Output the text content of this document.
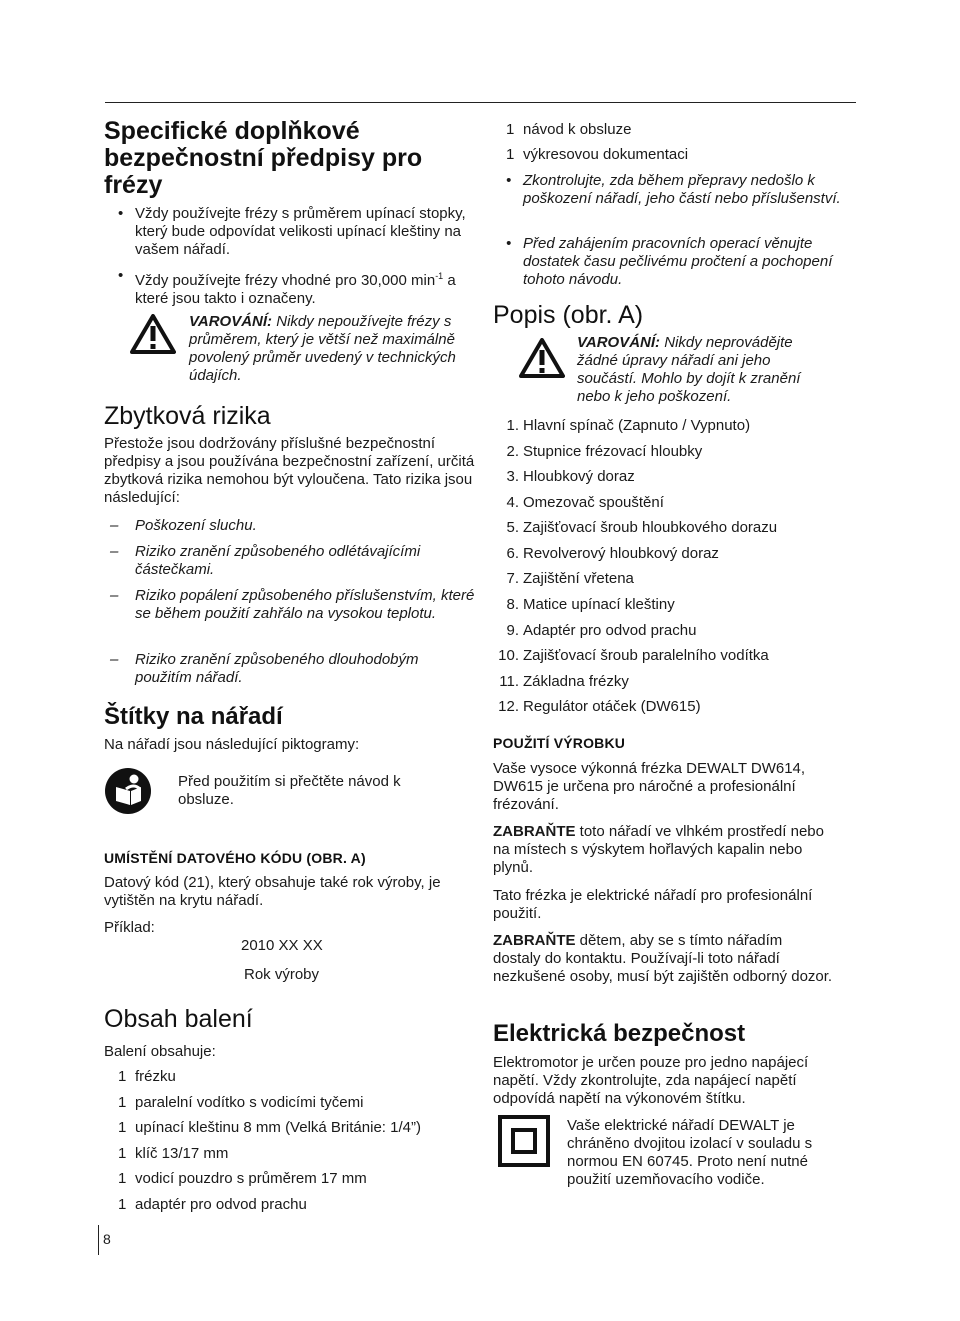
Specifické doplňkové bezpečnostní předpisy pro frézy
• Vždy používejte frézy s průměrem upínací stopky, který bude odpovídat velikosti upínací kleštiny na vašem nářadí.

• Vždy používejte frézy vhodné pro 30,000 $\min^{-1} a$ které jsou takto i označeny.

VAROVÁNÍ: Nikdy nepoužívejte frézy s průměrem, který je větší než maximálně povolený průměr uvedený v technických údajích.

Zbytková rizika

Přestože jsou dodržovány příslušné bezpečnostní předpisy a jsou používána bezpečnostní zařízení, určitá zbytková rizika nemohou být vyloučena. Tato rizika jsou následující:

– Poškození sluchu.

– Riziko zranění způsobeného odlétávajícími částečkami.

– Riziko popálení způsobeného příslušenstvím, které se během použití zahřálo na vysokou teplotu.

– Riziko zranění způsobeného dlouhodobým použitím nářadí.

Štítky na nářadí

Na nářadí jsou následující piktogramy:

Před použitím si přečtěte návod k obsluze.

UMÍSTĚNÍ DATOVÉHO KÓDU (OBR. A)

Datový kód (21), který obsahuje také rok výroby, je vytištěn na krytu nářadí.

Příklad:

2010 XX XX

Rok výroby

Obsah balení

Balení obsahuje:

1 frézku
1 paralelní vodítko s vodicími tyčemi
1 upínací kleštinu 8 mm (Velká Británie: 1/4”)
1 klíč 13/17 mm
1 vodicí pouzdro s průměrem 17 mm
1 adaptér pro odvod prachu
1 návod k obsluze
1 výkresovou dokumentaci
• Zkontrolujte, zda během přepravy nedošlo k poškození nářadí, jeho částí nebo příslušenství.

• Před zahájením pracovních operací věnujte dostatek času pečlivému pročtení a pochopení tohoto návodu.

Popis (obr. A)

VAROVÁNÍ: Nikdy neprovádějte žádné úpravy nářadí ani jeho součástí. Mohlo by dojít k zranění nebo k jeho poškození.

1. Hlavní spínač (Zapnuto / Vypnuto)
2. Stupnice frézovací hloubky
3. Hloubkový doraz
4. Omezovač spouštění
5. Zajišťovací šroub hloubkového dorazu
6. Revolverový hloubkový doraz
7. Zajištění vřetena
8. Matice upínací kleštiny
9. Adaptér pro odvod prachu
10. Zajišťovací šroub paralelního vodítka
11. Základna frézky
12. Regulátor otáček (DW615)
POUŽITÍ VÝROBKU

Vaše vysoce výkonná frézka DEWALT DW614, DW615 je určena pro náročné a profesionální frézování.

ZABRAŇTE toto nářadí ve vlhkém prostředí nebo na místech s výskytem hořlavých kapalin nebo plynů.

Tato frézka je elektrické nářadí pro profesionální použití.

ZABRAŇTE dětem, aby se s tímto nářadím dostaly do kontaktu. Používají-li toto nářadí nezkušené osoby, musí být zajištěn odborný dozor.

Elektrická bezpečnost

Elektromotor je určen pouze pro jedno napájecí napětí. Vždy zkontrolujte, zda napájecí napětí odpovídá napětí na výkonovém štítku.

Vaše elektrické nářadí DEWALT je chráněno dvojitou izolací v souladu s normou EN 60745. Proto není nutné použití uzemňovacího vodiče.

8
